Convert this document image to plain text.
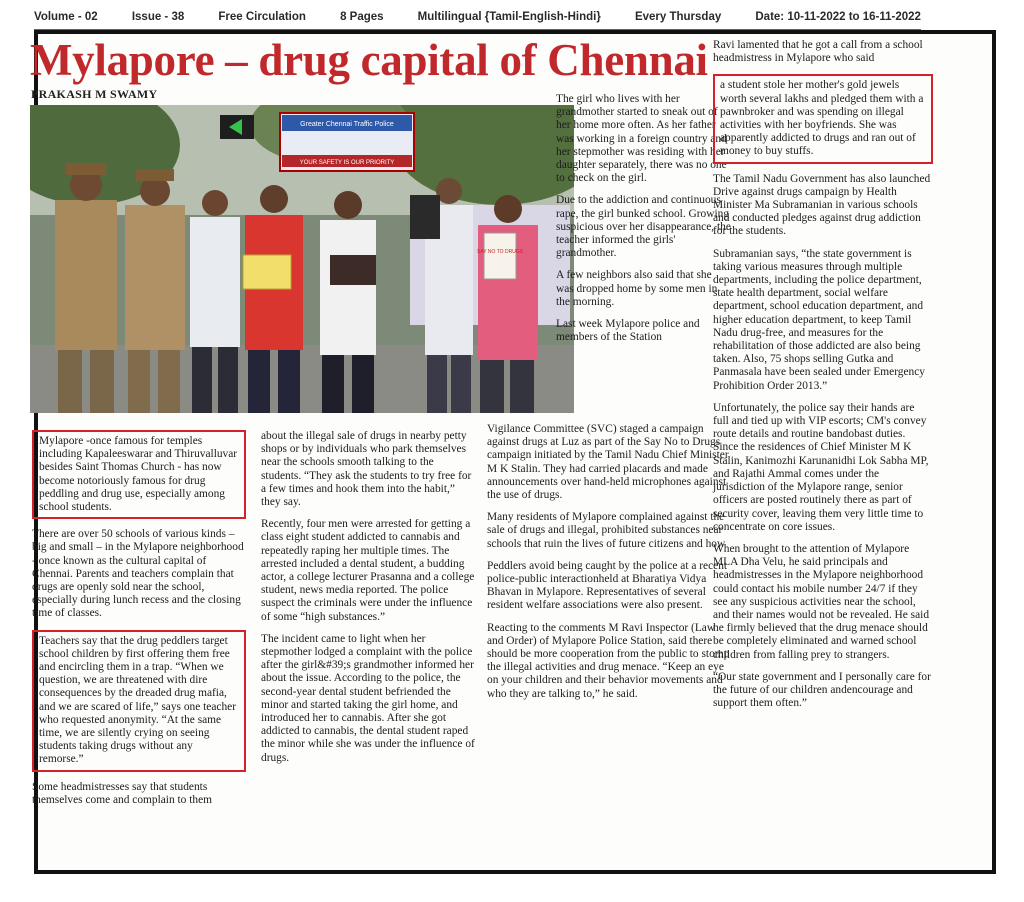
Volume - 02	Issue - 38	Free Circulation	8 Pages	Multilingual {Tamil-English-Hindi}	Every Thursday	Date: 10-11-2022 to 16-11-2022
Mylapore – drug capital of Chennai
PRAKASH M SWAMY
Greater Chennai Traffic Police
YOUR SAFETY IS OUR PRIORITY
SAY NO TO DRUGS

Mylapore -once famous for temples including Kapaleeswarar and Thiruvalluvar besides Saint Thomas Church - has now become notoriously famous for drug peddling and drug use, especially among school students.

There are over 50 schools of various kinds – big and small – in the Mylapore neighborhood - once known as the cultural capital of Chennai. Parents and teachers complain that drugs are openly sold near the school, especially during lunch recess and the closing time of classes.

Teachers say that the drug peddlers target school children by first offering them free and encircling them in a trap. “When we question, we are threatened with dire consequences by the dreaded drug mafia, and we are scared of life,” says one teacher who requested anonymity. “At the same time, we are silently crying on seeing students taking drugs without any remorse.”

Some headmistresses say that students themselves come and complain to them

about the illegal sale of drugs in nearby petty shops or by individuals who park themselves near the schools smooth talking to the students. “They ask the students to try free for a few times and hook them into the habit,” they say.

Recently, four men were arrested for getting a class eight student addicted to cannabis and repeatedly raping her multiple times. The arrested included a dental student, a budding actor, a college lecturer Prasanna and a college student, news media reported. The police suspect the criminals were under the influence of some “high substances.”

The incident came to light when her stepmother lodged a complaint with the police after the girl&#39;s grandmother informed her about the issue. According to the police, the second-year dental student befriended the minor and started taking the girl home, and introduced her to cannabis. After she got addicted to cannabis, the dental student raped the minor while she was under the influence of drugs.

The girl who lives with her grandmother started to sneak out of her home more often. As her father was working in a foreign country and her stepmother was residing with her daughter separately, there was no one to check on the girl.

Due to the addiction and continuous rape, the girl bunked school. Growing suspicious over her disappearance, the teacher informed the girls' grandmother.

A few neighbors also said that she was dropped home by some men in the morning.

Last week Mylapore police and members of the Station

Vigilance Committee (SVC) staged a campaign against drugs at Luz as part of the Say No to Drugs campaign initiated by the Tamil Nadu Chief Minister M K Stalin. They had carried placards and made announcements over hand-held microphones against the use of drugs.

Many residents of Mylapore complained against the sale of drugs and illegal, prohibited substances near schools that ruin the lives of future citizens and how

Peddlers avoid being caught by the police at a recent police-public interactionheld at Bharatiya Vidya Bhavan in Mylapore. Representatives of several resident welfare associations were also present.

Reacting to the comments M Ravi Inspector (Law and Order) of Mylapore Police Station, said there should be more cooperation from the public to stomp the illegal activities and drug menace. “Keep an eye on your children and their behavior movements and who they are talking to,” he said.

Ravi lamented that he got a call from a school headmistress in Mylapore who said

a student stole her mother's gold jewels worth several lakhs and pledged them with a pawnbroker and was spending on illegal activities with her boyfriends. She was apparently addicted to drugs and ran out of money to buy stuffs.

The Tamil Nadu Government has also launched Drive against drugs campaign by Health Minister Ma Subramanian in various schools and conducted pledges against drug addiction for the students.

Subramanian says, “the state government is taking various measures through multiple departments, including the police department, state health department, social welfare department, school education department, and higher education department, to keep Tamil Nadu drug-free, and measures for the rehabilitation of those addicted are also being taken. Also, 75 shops selling Gutka and Panmasala have been sealed under Emergency Prohibition Order 2013.”

Unfortunately, the police say their hands are full and tied up with VIP escorts; CM's convey route details and routine bandobast duties. Since the residences of Chief Minister M K Stalin, Kanimozhi Karunanidhi Lok Sabha MP, and Rajathi Ammal comes under the jurisdiction of the Mylapore range, senior officers are posted routinely there as part of security cover, leaving them very little time to concentrate on core issues.

When brought to the attention of Mylapore MLA Dha Velu, he said principals and headmistresses in the Mylapore neighborhood could contact his mobile number 24/7 if they see any suspicious activities near the school, and their names would not be revealed. He said he firmly believed that the drug menace should be completely eliminated and warned school children from falling prey to strangers.

“Our state government and I personally care for the future of our children andencourage and support them often.”
